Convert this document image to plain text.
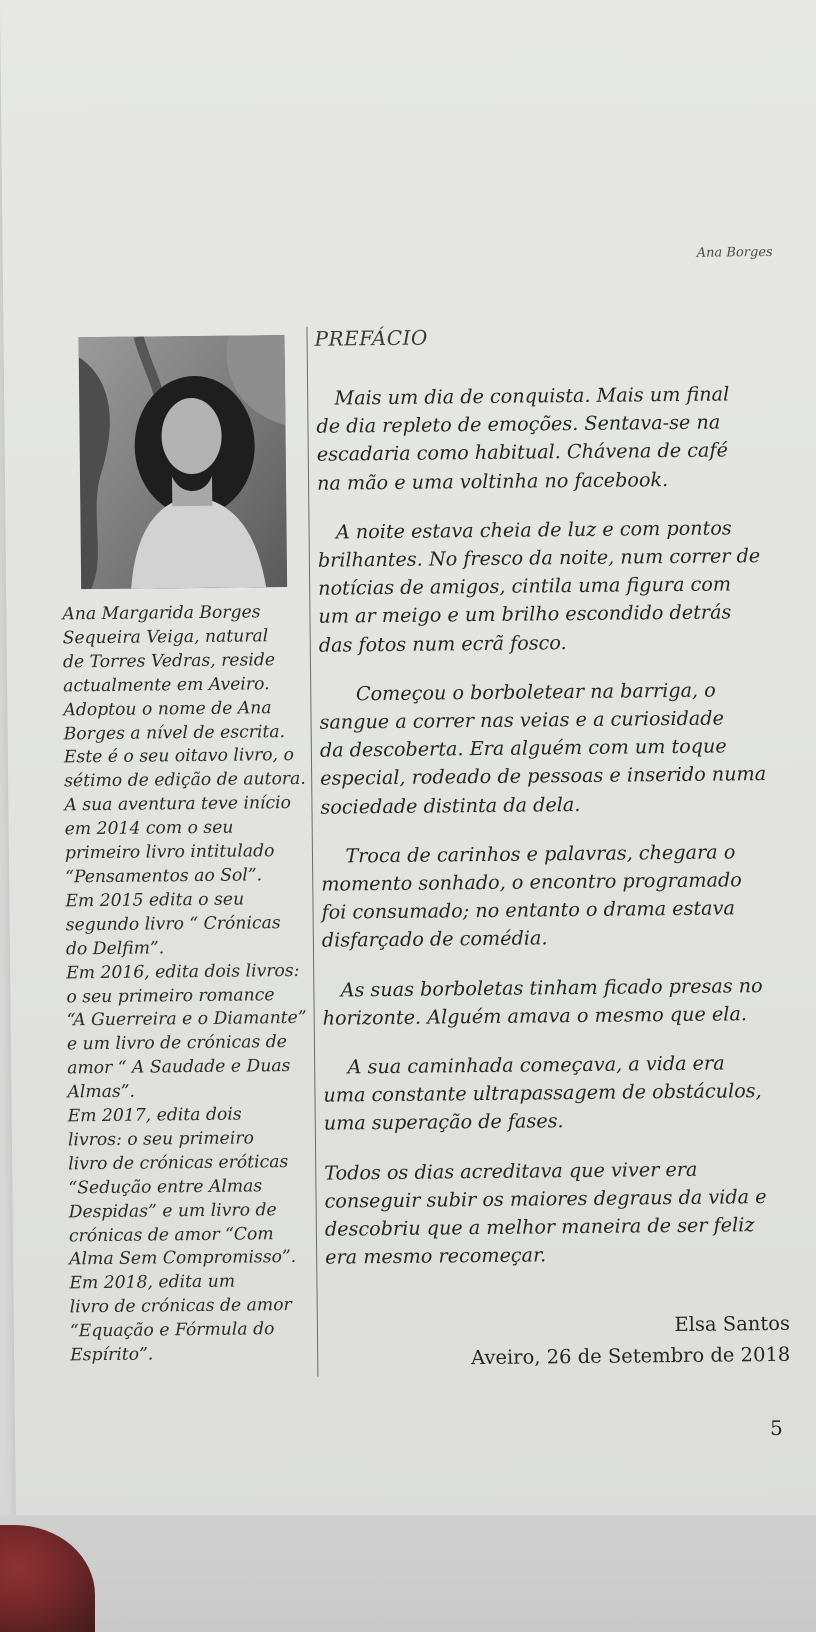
Ana Borges
Ana Margarida Borges
Sequeira Veiga, natural
de Torres Vedras, reside
actualmente em Aveiro.
Adoptou o nome de Ana
Borges a nível de escrita.
Este é o seu oitavo livro, o
sétimo de edição de autora.
A sua aventura teve início
em 2014 com o seu
primeiro livro intitulado
“Pensamentos ao Sol”.
Em 2015 edita o seu
segundo livro “ Crónicas
do Delfim”.
Em 2016, edita dois livros:
o seu primeiro romance
“A Guerreira e o Diamante”
e um livro de crónicas de
amor “ A Saudade e Duas
Almas”.
Em 2017, edita dois
livros: o seu primeiro
livro de crónicas eróticas
“Sedução entre Almas
Despidas” e um livro de
crónicas de amor “Com
Alma Sem Compromisso”.
Em 2018, edita um
livro de crónicas de amor
“Equação e Fórmula do
Espírito”.
PREFÁCIO
Mais um dia de conquista. Mais um final
de dia repleto de emoções. Sentava-se na
escadaria como habitual. Chávena de café
na mão e uma voltinha no facebook.
A noite estava cheia de luz e com pontos
brilhantes. No fresco da noite, num correr de
notícias de amigos, cintila uma figura com
um ar meigo e um brilho escondido detrás
das fotos num ecrã fosco.
Começou o borboletear na barriga, o
sangue a correr nas veias e a curiosidade
da descoberta. Era alguém com um toque
especial, rodeado de pessoas e inserido numa
sociedade distinta da dela.
Troca de carinhos e palavras, chegara o
momento sonhado, o encontro programado
foi consumado; no entanto o drama estava
disfarçado de comédia.
As suas borboletas tinham ficado presas no
horizonte. Alguém amava o mesmo que ela.
A sua caminhada começava, a vida era
uma constante ultrapassagem de obstáculos,
uma superação de fases.
Todos os dias acreditava que viver era
conseguir subir os maiores degraus da vida e
descobriu que a melhor maneira de ser feliz
era mesmo recomeçar.
Elsa Santos
Aveiro, 26 de Setembro de 2018
5
